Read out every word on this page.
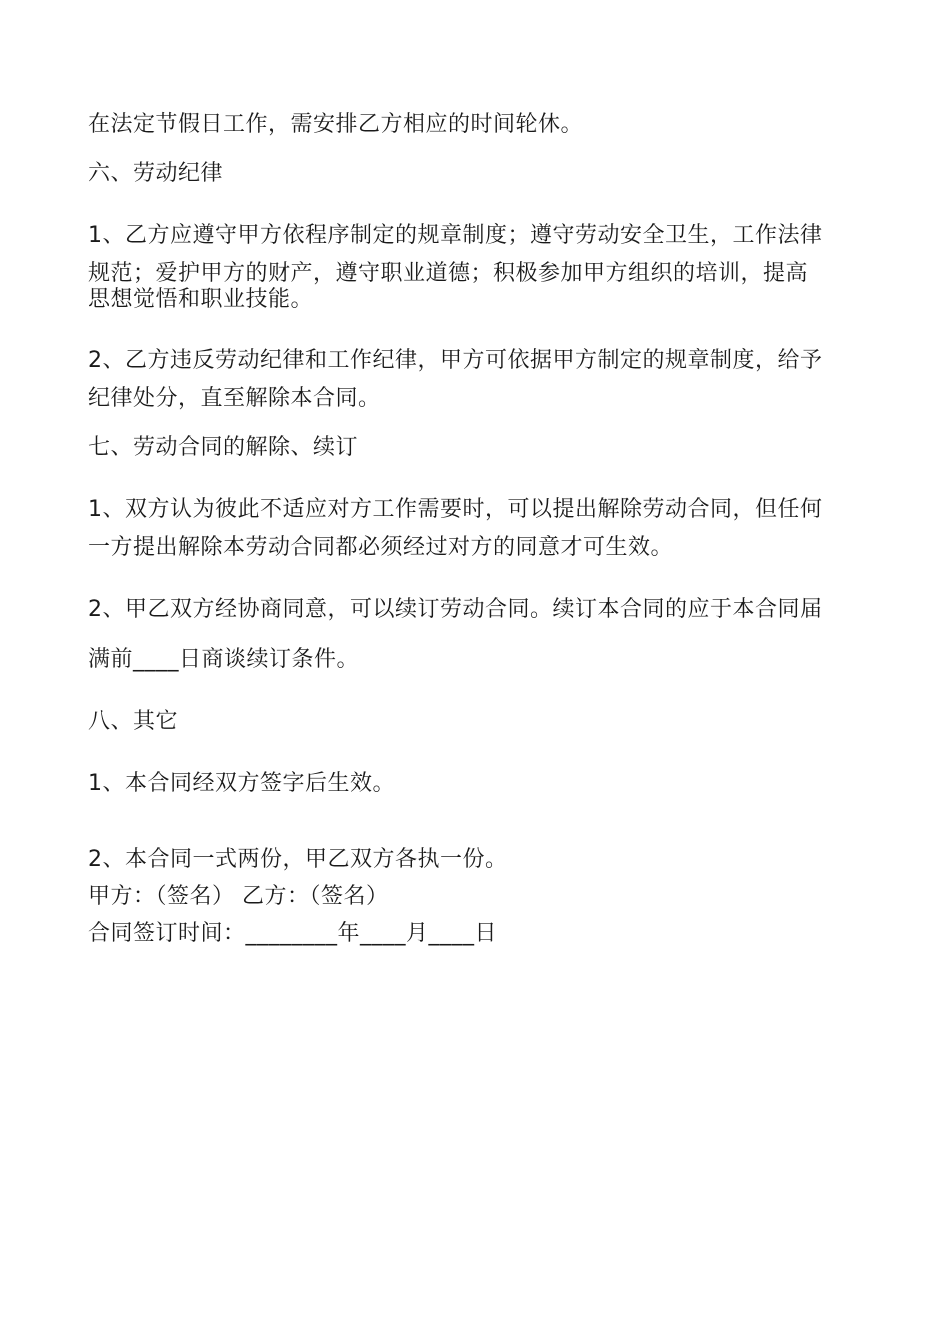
在法定节假日工作，需安排乙方相应的时间轮休。
六、劳动纪律
1、乙方应遵守甲方依程序制定的规章制度；遵守劳动安全卫生，工作法律
规范；爱护甲方的财产，遵守职业道德；积极参加甲方组织的培训，提高
思想觉悟和职业技能。
2、乙方违反劳动纪律和工作纪律，甲方可依据甲方制定的规章制度，给予
纪律处分，直至解除本合同。
七、劳动合同的解除、续订
1、双方认为彼此不适应对方工作需要时，可以提出解除劳动合同，但任何
一方提出解除本劳动合同都必须经过对方的同意才可生效。
2、甲乙双方经协商同意，可以续订劳动合同。续订本合同的应于本合同届
满前____日商谈续订条件。
八、其它
1、本合同经双方签字后生效。
2、本合同一式两份，甲乙双方各执一份。
甲方：（签名） 乙方：（签名）
合同签订时间：________年____月____日
